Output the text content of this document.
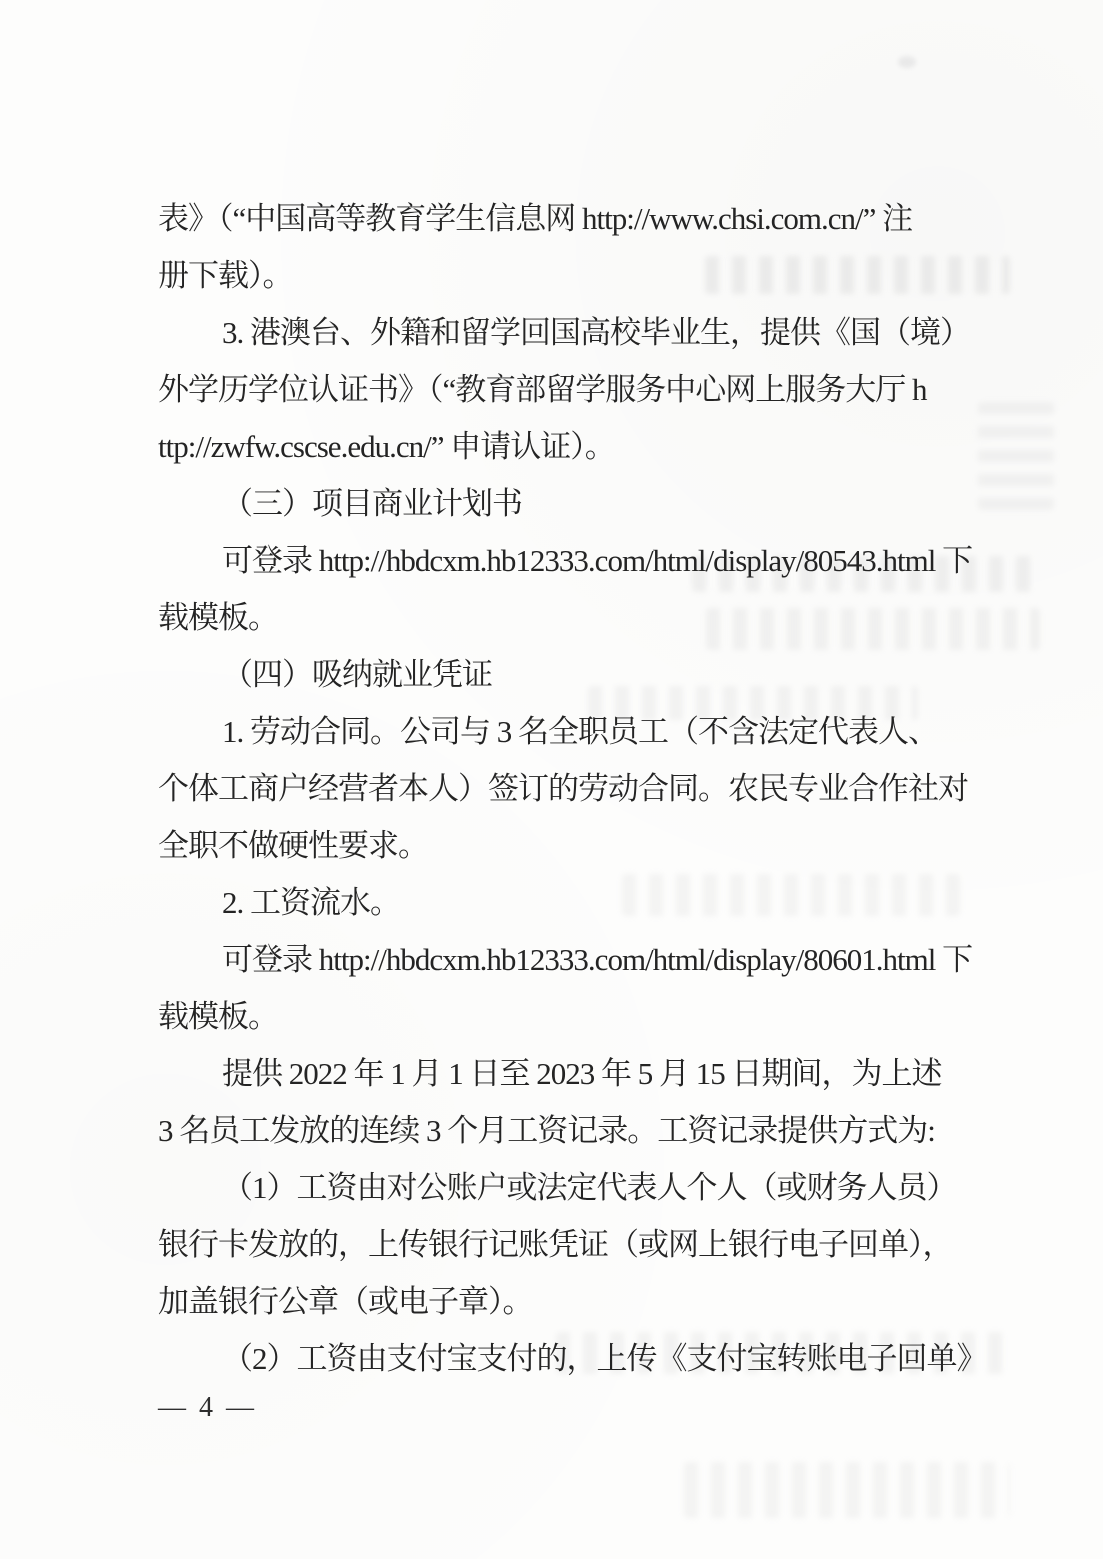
表》（“中国高等教育学生信息网 http://www.chsi.com.cn/” 注
册下载）。
3. 港澳台、外籍和留学回国高校毕业生，提供《国（境）
外学历学位认证书》（“教育部留学服务中心网上服务大厅 h
ttp://zwfw.cscse.edu.cn/” 申请认证）。
（三）项目商业计划书
可登录 http://hbdcxm.hb12333.com/html/display/80543.html 下
载模板。
（四）吸纳就业凭证
1. 劳动合同。公司与 3 名全职员工（不含法定代表人、
个体工商户经营者本人）签订的劳动合同。农民专业合作社对
全职不做硬性要求。
2. 工资流水。
可登录 http://hbdcxm.hb12333.com/html/display/80601.html 下
载模板。
提供 2022 年 1 月 1 日至 2023 年 5 月 15 日期间，为上述
3 名员工发放的连续 3 个月工资记录。工资记录提供方式为:
（1）工资由对公账户或法定代表人个人（或财务人员）
银行卡发放的，上传银行记账凭证（或网上银行电子回单），
加盖银行公章（或电子章）。
（2）工资由支付宝支付的，上传《支付宝转账电子回单》
— 4 —
